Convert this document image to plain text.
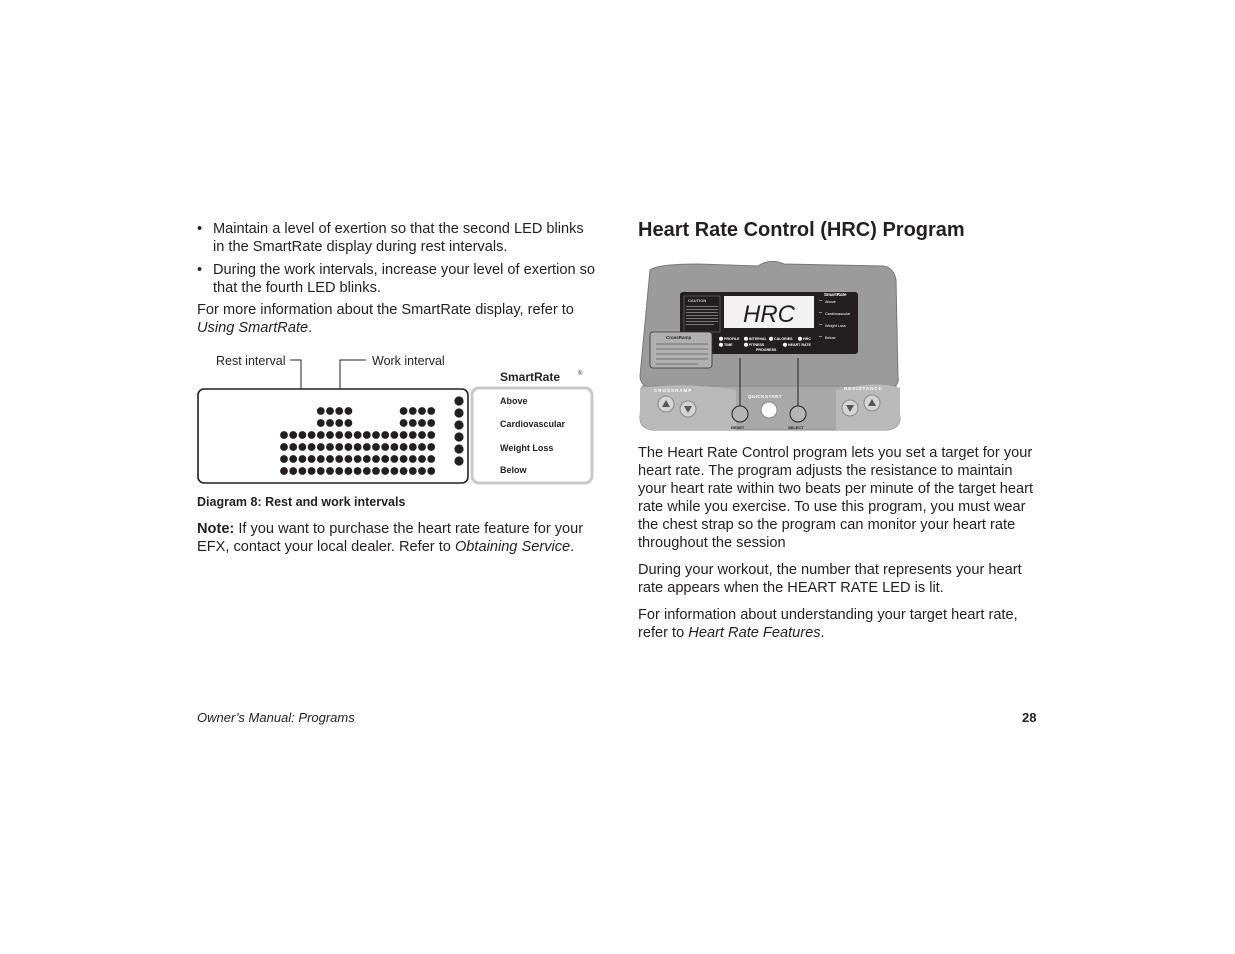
• Maintain a level of exertion so that the second LED blinks in the SmartRate display during rest intervals.
• During the work intervals, increase your level of exertion so that the fourth LED blinks.

For more information about the SmartRate display, refer to Using SmartRate.

Rest interval	Work interval
SmartRate	®
Above
Cardiovascular
Weight Loss
Below
Diagram 8: Rest and work intervals

Note: If you want to purchase the heart rate feature for your EFX, contact your local dealer. Refer to Obtaining Service.

Heart Rate Control (HRC) Program
CAUTION
HRC
SmartRate
Above
Cardiovascular
Weight Loss
Below
PROFILE	INTERVAL CALORIES	HRC
TIME	FITNESS	HEART RATE
PROGRESS
CrossRamp
CROSSRAMP
QUICKSTART
RESISTANCE
RESET	SELECT

The Heart Rate Control program lets you set a target for your heart rate. The program adjusts the resistance to maintain your heart rate within two beats per minute of the target heart rate while you exercise. To use this program, you must wear the chest strap so the program can monitor your heart rate throughout the session

During your workout, the number that represents your heart rate appears when the HEART RATE LED is lit.

For information about understanding your target heart rate, refer to Heart Rate Features.

Owner’s Manual: Programs	28
